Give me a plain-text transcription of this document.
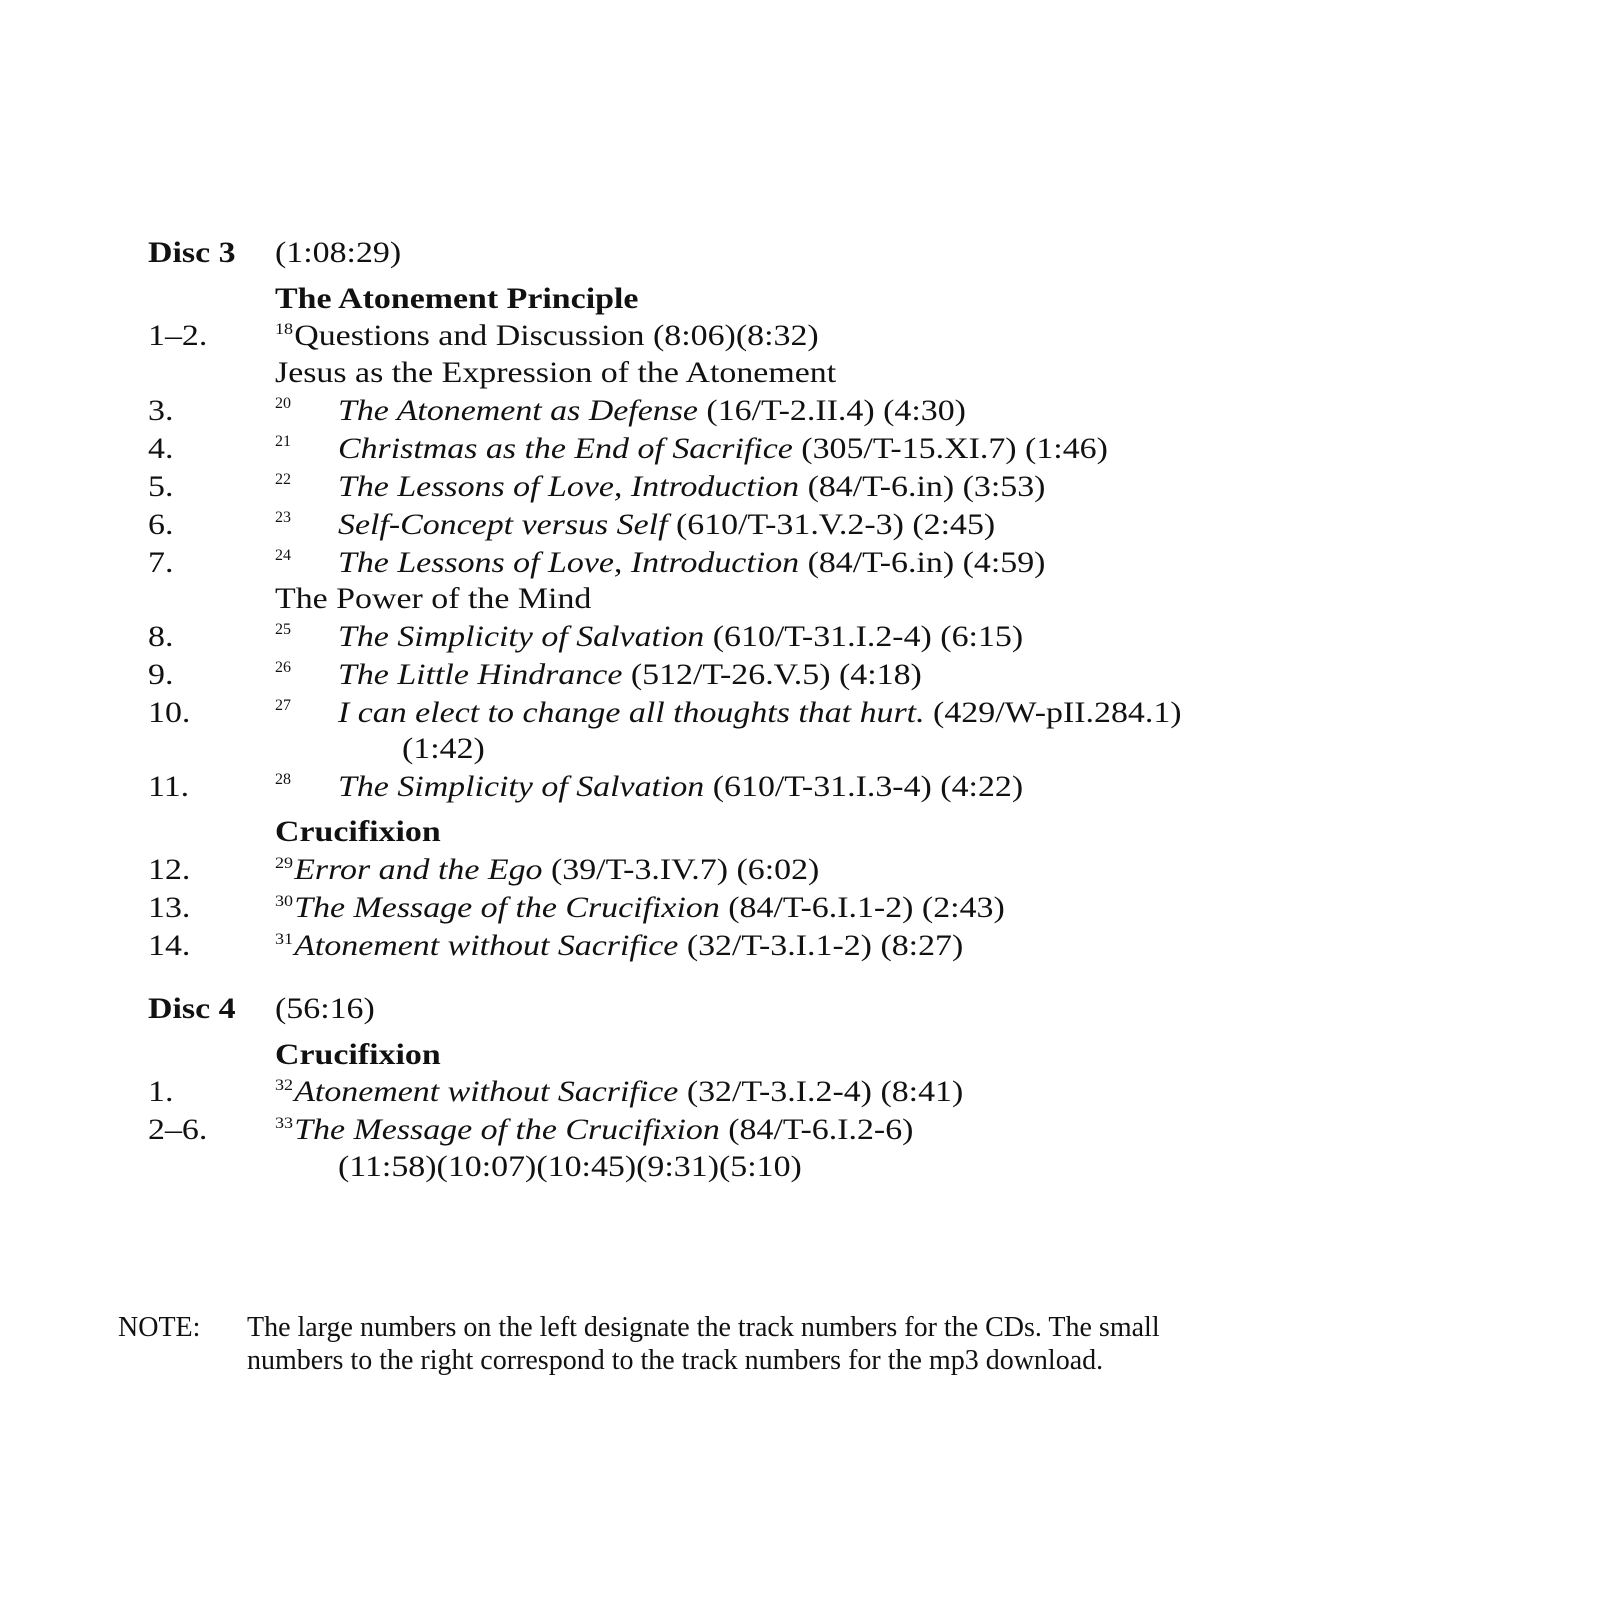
Disc 3 (1:08:29)
The Atonement Principle
1–2.	$^{18}$Questions and Discussion (8:06)(8:32)
Jesus as the Expression of the Atonement
3.	20 The Atonement as Defense (16/T-2.II.4) (4:30)
4.	21 Christmas as the End of Sacrifice (305/T-15.XI.7) (1:46)
5.	22 The Lessons of Love, Introduction (84/T-6.in) (3:53)
6.	23 Self-Concept versus Self (610/T-31.V.2-3) (2:45)
7.	24 The Lessons of Love, Introduction (84/T-6.in) (4:59)
The Power of the Mind
8.	25 The Simplicity of Salvation (610/T-31.I.2-4) (6:15)
9.	26 The Little Hindrance (512/T-26.V.5) (4:18)
10.	27 I can elect to change all thoughts that hurt. (429/W-pII.284.1)
(1:42)
11.	28 The Simplicity of Salvation (610/T-31.I.3-4) (4:22)
Crucifixion
12.	$^{29}$Error and the Ego (39/T-3.IV.7) (6:02)
13.	$^{30}$The Message of the Crucifixion (84/T-6.I.1-2) (2:43)
14.	$^{31}$Atonement without Sacrifice (32/T-3.I.1-2) (8:27)
Disc 4 (56:16)
Crucifixion
1.	$^{32}$Atonement without Sacrifice (32/T-3.I.2-4) (8:41)
2–6.	$^{33}$The Message of the Crucifixion (84/T-6.I.2-6)
(11:58)(10:07)(10:45)(9:31)(5:10)
NOTE: The large numbers on the left designate the track numbers for the CDs. The small
numbers to the right correspond to the track numbers for the mp3 download.
